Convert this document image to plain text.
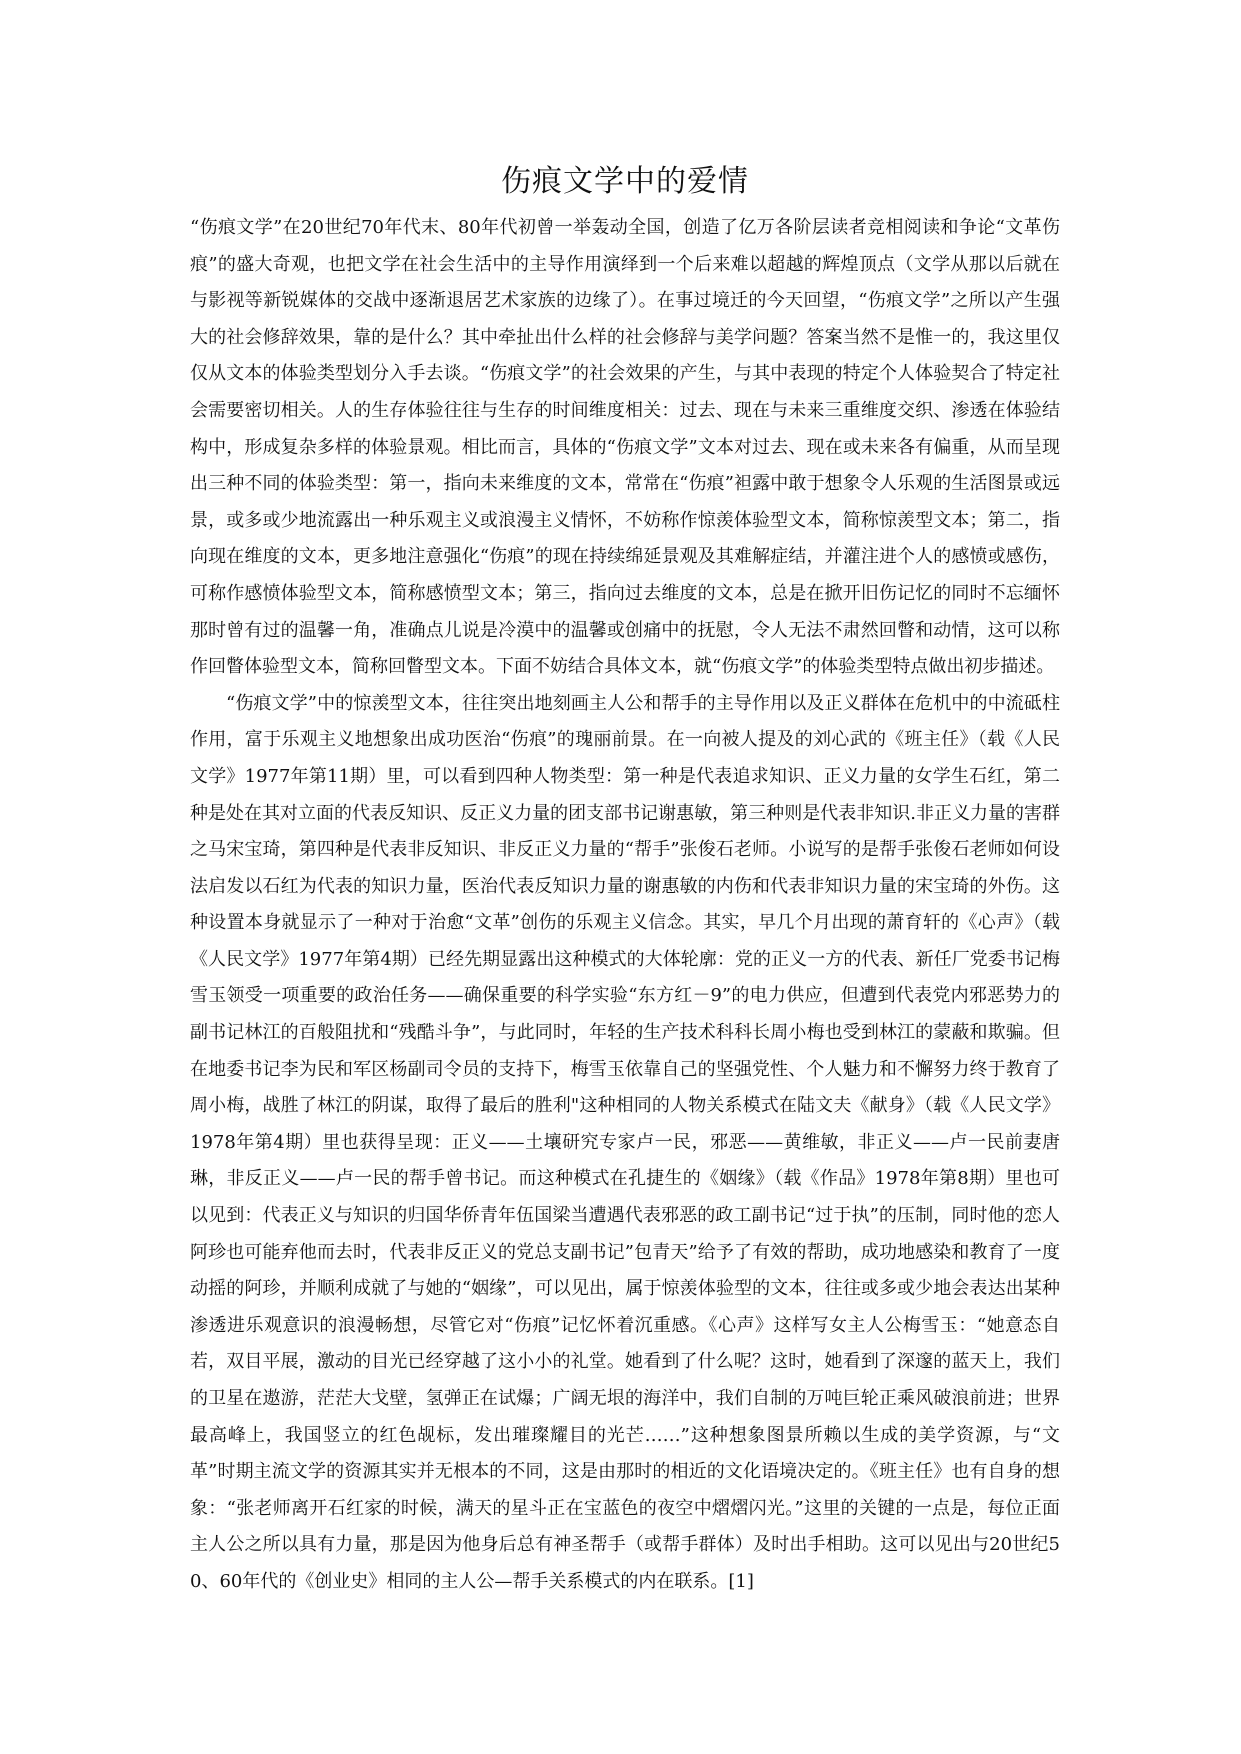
伤痕文学中的爱情

“伤痕文学”在20世纪70年代末、80年代初曾一举轰动全国，创造了亿万各阶层读者竞相阅读和争论“文革伤痕”的盛大奇观，也把文学在社会生活中的主导作用演绎到一个后来难以超越的辉煌顶点（文学从那以后就在与影视等新锐媒体的交战中逐渐退居艺术家族的边缘了）。在事过境迁的今天回望，“伤痕文学”之所以产生强大的社会修辞效果，靠的是什么？其中牵扯出什么样的社会修辞与美学问题？答案当然不是惟一的，我这里仅仅从文本的体验类型划分入手去谈。“伤痕文学”的社会效果的产生，与其中表现的特定个人体验契合了特定社会需要密切相关。人的生存体验往往与生存的时间维度相关：过去、现在与未来三重维度交织、渗透在体验结构中，形成复杂多样的体验景观。相比而言，具体的“伤痕文学”文本对过去、现在或未来各有偏重，从而呈现出三种不同的体验类型：第一，指向未来维度的文本，常常在“伤痕”袒露中敢于想象令人乐观的生活图景或远景，或多或少地流露出一种乐观主义或浪漫主义情怀，不妨称作惊羡体验型文本，简称惊羡型文本；第二，指向现在维度的文本，更多地注意强化“伤痕”的现在持续绵延景观及其难解症结，并灌注进个人的感愤或感伤，可称作感愤体验型文本，简称感愤型文本；第三，指向过去维度的文本，总是在掀开旧伤记忆的同时不忘缅怀那时曾有过的温馨一角，准确点儿说是冷漠中的温馨或创痛中的抚慰，令人无法不肃然回瞥和动情，这可以称作回瞥体验型文本，简称回瞥型文本。下面不妨结合具体文本，就“伤痕文学”的体验类型特点做出初步描述。

“伤痕文学”中的惊羡型文本，往往突出地刻画主人公和帮手的主导作用以及正义群体在危机中的中流砥柱作用，富于乐观主义地想象出成功医治“伤痕”的瑰丽前景。在一向被人提及的刘心武的《班主任》（载《人民文学》1977年第11期）里，可以看到四种人物类型：第一种是代表追求知识、正义力量的女学生石红，第二种是处在其对立面的代表反知识、反正义力量的团支部书记谢惠敏，第三种则是代表非知识.非正义力量的害群之马宋宝琦，第四种是代表非反知识、非反正义力量的“帮手”张俊石老师。小说写的是帮手张俊石老师如何设法启发以石红为代表的知识力量，医治代表反知识力量的谢惠敏的内伤和代表非知识力量的宋宝琦的外伤。这种设置本身就显示了一种对于治愈“文革”创伤的乐观主义信念。其实，早几个月出现的萧育轩的《心声》（载《人民文学》1977年第4期）已经先期显露出这种模式的大体轮廓：党的正义一方的代表、新任厂党委书记梅雪玉领受一项重要的政治任务——确保重要的科学实验“东方红－9”的电力供应，但遭到代表党内邪恶势力的副书记林江的百般阻扰和“残酷斗争”，与此同时，年轻的生产技术科科长周小梅也受到林江的蒙蔽和欺骗。但在地委书记李为民和军区杨副司令员的支持下，梅雪玉依靠自己的坚强党性、个人魅力和不懈努力终于教育了周小梅，战胜了林江的阴谋，取得了最后的胜利"这种相同的人物关系模式在陆文夫《献身》（载《人民文学》1978年第4期）里也获得呈现：正义——土壤研究专家卢一民，邪恶——黄维敏，非正义——卢一民前妻唐琳，非反正义——卢一民的帮手曾书记。而这种模式在孔捷生的《姻缘》（载《作品》1978年第8期）里也可以见到：代表正义与知识的归国华侨青年伍国梁当遭遇代表邪恶的政工副书记“过于执”的压制，同时他的恋人阿珍也可能弃他而去时，代表非反正义的党总支副书记”包青天”给予了有效的帮助，成功地感染和教育了一度动摇的阿珍，并顺利成就了与她的“姻缘”，可以见出，属于惊羡体验型的文本，往往或多或少地会表达出某种渗透进乐观意识的浪漫畅想，尽管它对“伤痕”记忆怀着沉重感。《心声》这样写女主人公梅雪玉：“她意态自若，双目平展，激动的目光已经穿越了这小小的礼堂。她看到了什么呢？这时，她看到了深邃的蓝天上，我们的卫星在遨游，茫茫大戈壁，氢弹正在试爆；广阔无垠的海洋中，我们自制的万吨巨轮正乘风破浪前进；世界最高峰上，我国竖立的红色觇标，发出璀璨耀目的光芒……”这种想象图景所赖以生成的美学资源，与“文革”时期主流文学的资源其实并无根本的不同，这是由那时的相近的文化语境决定的。《班主任》也有自身的想象：“张老师离开石红家的时候，满天的星斗正在宝蓝色的夜空中熠熠闪光。”这里的关键的一点是，每位正面主人公之所以具有力量，那是因为他身后总有神圣帮手（或帮手群体）及时出手相助。这可以见出与20世纪50、60年代的《创业史》相同的主人公—帮手关系模式的内在联系。[1]
